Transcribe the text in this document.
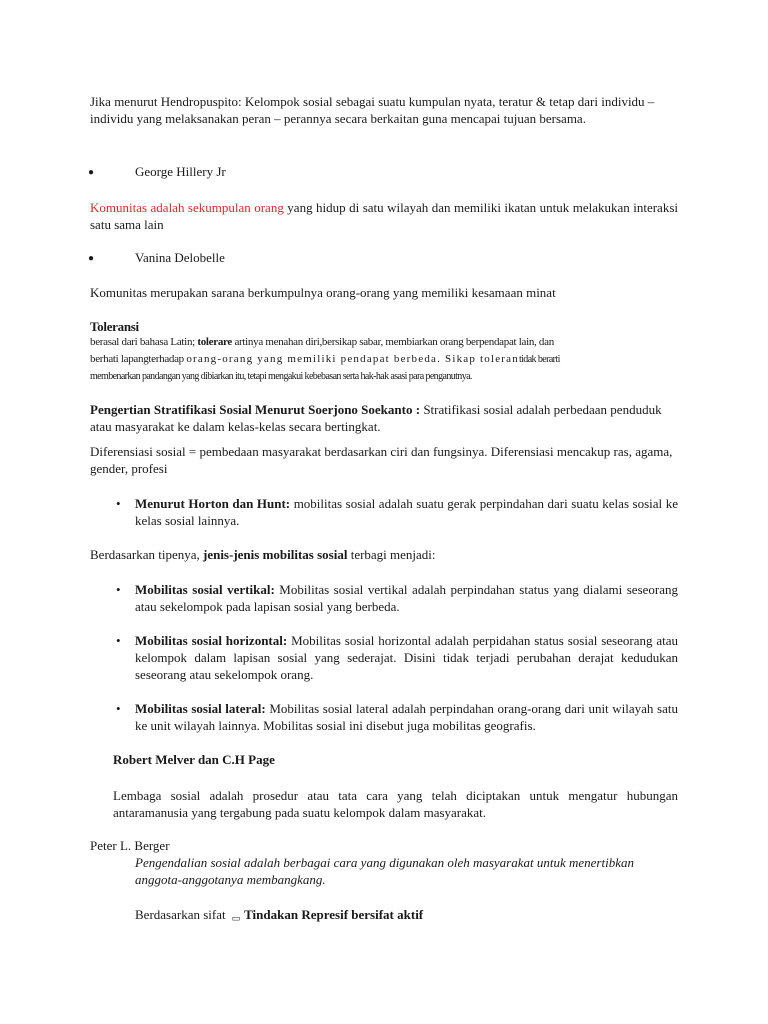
Jika menurut Hendropuspito: Kelompok sosial sebagai suatu kumpulan nyata, teratur & tetap dari individu – individu yang melaksanakan peran – perannya secara berkaitan guna mencapai tujuan bersama.
●	George Hillery Jr
Komunitas adalah sekumpulan orang yang hidup di satu wilayah dan memiliki ikatan untuk melakukan interaksi satu sama lain
●	Vanina Delobelle
Komunitas merupakan sarana berkumpulnya orang-orang yang memiliki kesamaan minat
Toleransi
berasal dari bahasa Latin; tolerare artinya menahan diri,bersikap sabar, membiarkan orang berpendapat lain, dan
berhati lapangterhadap orang-orang yang memiliki pendapat berbeda. Sikap tolerantidak berarti
membenarkan pandangan yang dibiarkan itu, tetapi mengakui kebebasan serta hak-hak asasi para penganutnya.
Pengertian Stratifikasi Sosial Menurut Soerjono Soekanto : Stratifikasi sosial adalah perbedaan penduduk atau masyarakat ke dalam kelas-kelas secara bertingkat.
Diferensiasi sosial = pembedaan masyarakat berdasarkan ciri dan fungsinya. Diferensiasi mencakup ras, agama, gender, profesi
• Menurut Horton dan Hunt: mobilitas sosial adalah suatu gerak perpindahan dari suatu kelas sosial ke kelas sosial lainnya.
Berdasarkan tipenya, jenis-jenis mobilitas sosial terbagi menjadi:
• Mobilitas sosial vertikal: Mobilitas sosial vertikal adalah perpindahan status yang dialami seseorang atau sekelompok pada lapisan sosial yang berbeda.
• Mobilitas sosial horizontal: Mobilitas sosial horizontal adalah perpidahan status sosial seseorang atau kelompok dalam lapisan sosial yang sederajat. Disini tidak terjadi perubahan derajat kedudukan seseorang atau sekelompok orang.
• Mobilitas sosial lateral: Mobilitas sosial lateral adalah perpindahan orang-orang dari unit wilayah satu ke unit wilayah lainnya. Mobilitas sosial ini disebut juga mobilitas geografis.
Robert Melver dan C.H Page
Lembaga sosial adalah prosedur atau tata cara yang telah diciptakan untuk mengatur hubungan antaramanusia yang tergabung pada suatu kelompok dalam masyarakat.
Peter L. Berger
Pengendalian sosial adalah berbagai cara yang digunakan oleh masyarakat untuk menertibkan anggota-anggotanya membangkang.
Berdasarkan sifat ▭ Tindakan Represif bersifat aktif
